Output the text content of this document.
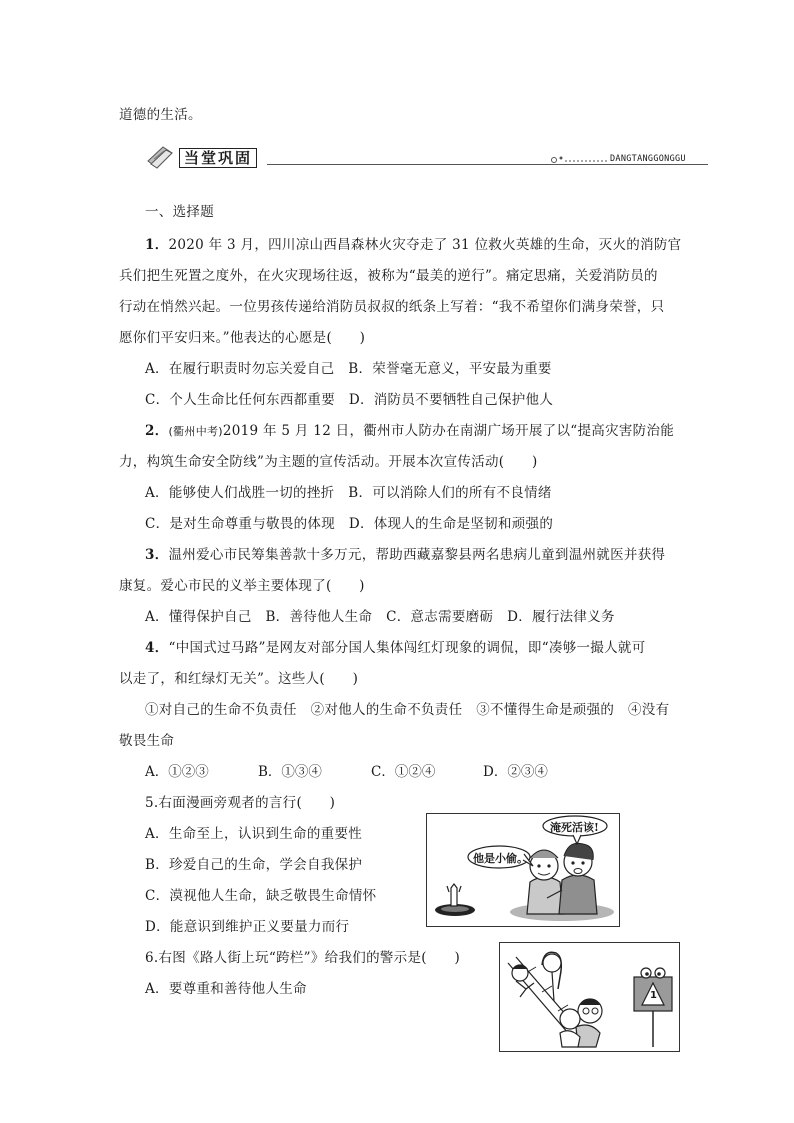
道德的生活。
当堂巩固	DANGTANGGONGGU
一、选择题
1．2020 年 3 月，四川凉山西昌森林火灾夺走了 31 位救火英雄的生命，灭火的消防官
兵们把生死置之度外，在火灾现场往返，被称为“最美的逆行”。痛定思痛，关爱消防员的
行动在悄然兴起。一位男孩传递给消防员叔叔的纸条上写着：“我不希望你们满身荣誉，只
愿你们平安归来。”他表达的心愿是(　　)
A．在履行职责时勿忘关爱自己　B．荣誉毫无意义，平安最为重要
C．个人生命比任何东西都重要　D．消防员不要牺牲自己保护他人
2．(衢州中考)2019 年 5 月 12 日，衢州市人防办在南湖广场开展了以“提高灾害防治能
力，构筑生命安全防线”为主题的宣传活动。开展本次宣传活动(　　)
A．能够使人们战胜一切的挫折　B．可以消除人们的所有不良情绪
C．是对生命尊重与敬畏的体现　D．体现人的生命是坚韧和顽强的
3．温州爱心市民筹集善款十多万元，帮助西藏嘉黎县两名患病儿童到温州就医并获得
康复。爱心市民的义举主要体现了(　　)
A．懂得保护自己　B．善待他人生命　C．意志需要磨砺　D．履行法律义务
4．“中国式过马路”是网友对部分国人集体闯红灯现象的调侃，即“凑够一撮人就可
以走了，和红绿灯无关”。这些人(　　)
①对自己的生命不负责任　②对他人的生命不负责任　③不懂得生命是顽强的　④没有
敬畏生命
A．①②③	B．①③④	C．①②④	D．②③④
5.右面漫画旁观者的言行(　　)
A．生命至上，认识到生命的重要性
B．珍爱自己的生命，学会自我保护
C．漠视他人生命，缺乏敬畏生命情怀
D．能意识到维护正义要量力而行
淹死活该!
他是小偷。
6.右图《路人街上玩“跨栏”》给我们的警示是(　　)
A．要尊重和善待他人生命	1
